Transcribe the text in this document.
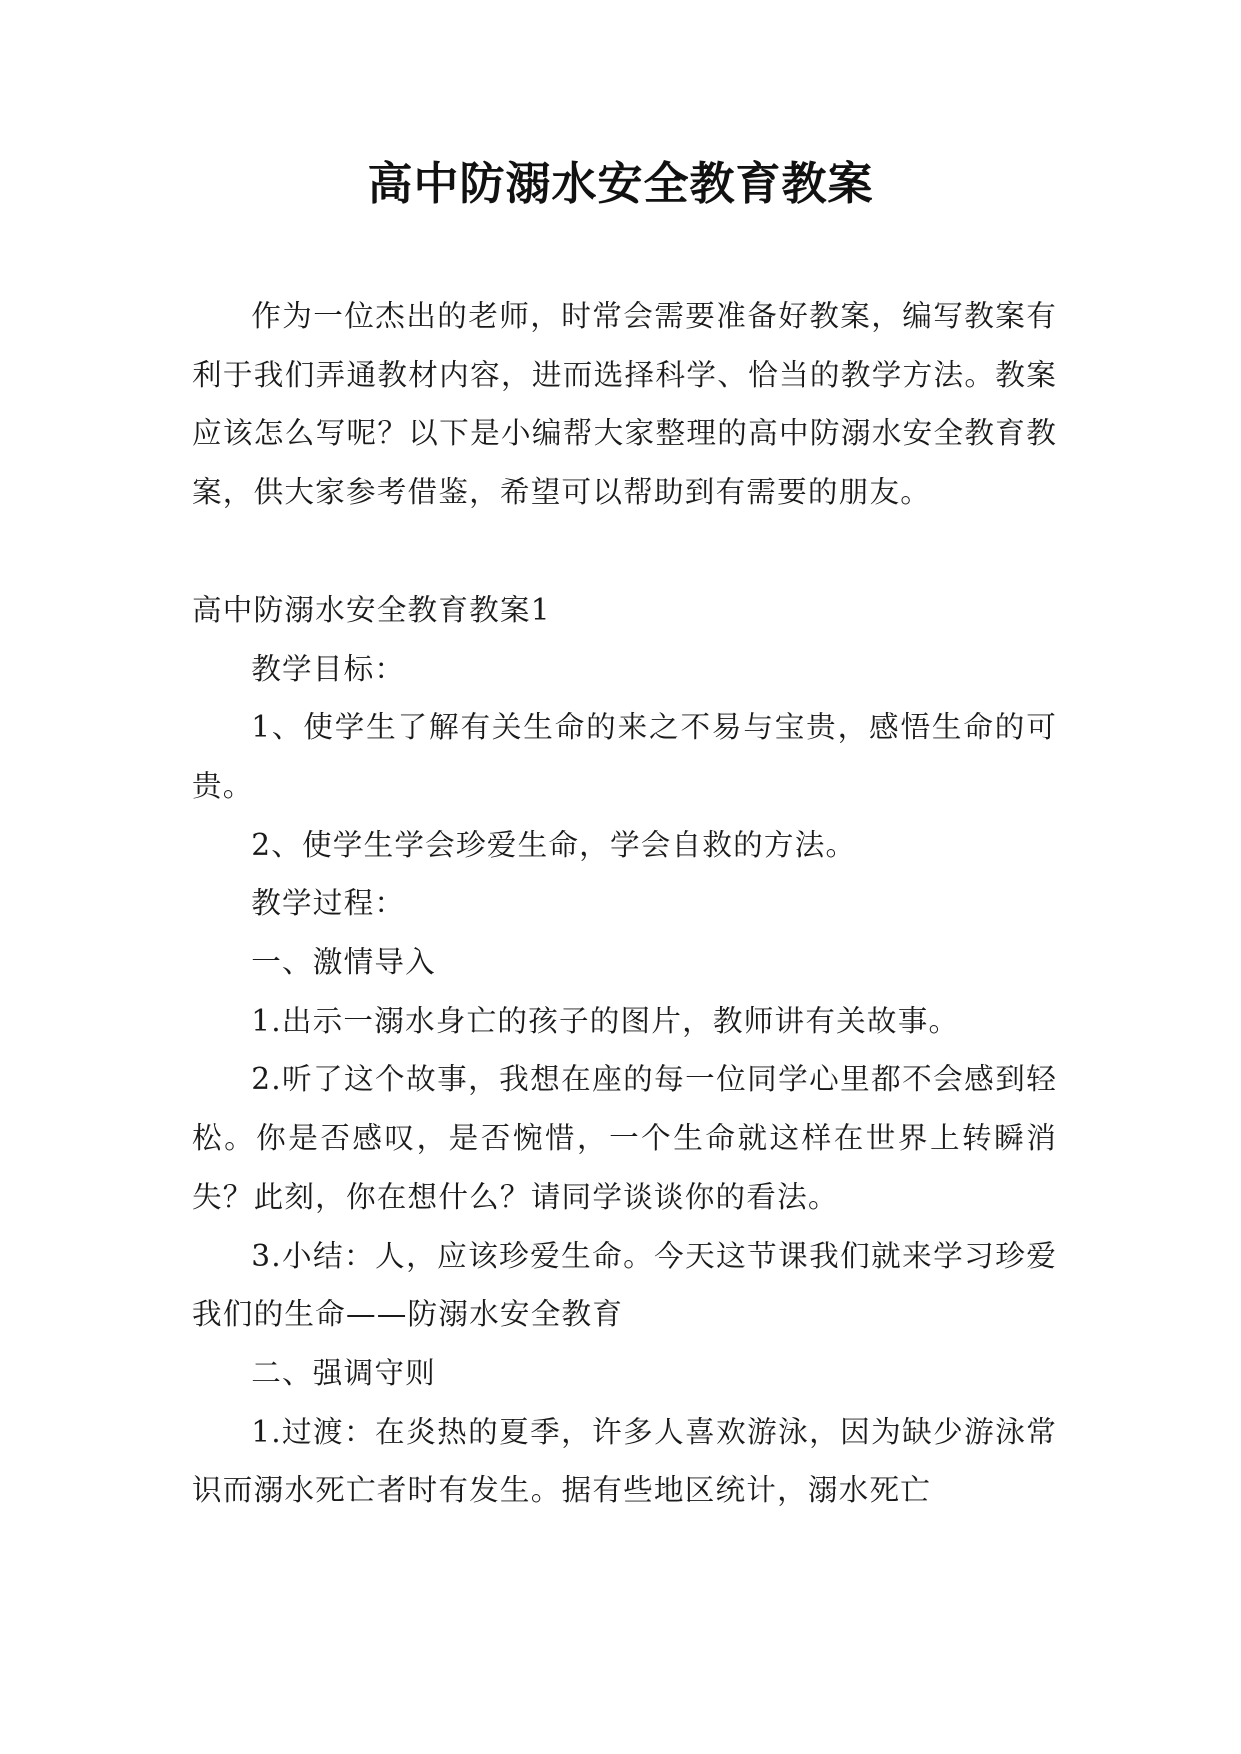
高中防溺水安全教育教案

作为一位杰出的老师，时常会需要准备好教案，编写教案有利于我们弄通教材内容，进而选择科学、恰当的教学方法。教案应该怎么写呢？以下是小编帮大家整理的高中防溺水安全教育教案，供大家参考借鉴，希望可以帮助到有需要的朋友。

高中防溺水安全教育教案1

教学目标：

1、使学生了解有关生命的来之不易与宝贵，感悟生命的可贵。

2、使学生学会珍爱生命，学会自救的方法。

教学过程：

一、激情导入

1.出示一溺水身亡的孩子的图片，教师讲有关故事。

2.听了这个故事，我想在座的每一位同学心里都不会感到轻松。你是否感叹，是否惋惜，一个生命就这样在世界上转瞬消失？此刻，你在想什么？请同学谈谈你的看法。

3.小结：人，应该珍爱生命。今天这节课我们就来学习珍爱我们的生命——防溺水安全教育

二、强调守则

1.过渡：在炎热的夏季，许多人喜欢游泳，因为缺少游泳常识而溺水死亡者时有发生。据有些地区统计，溺水死亡
